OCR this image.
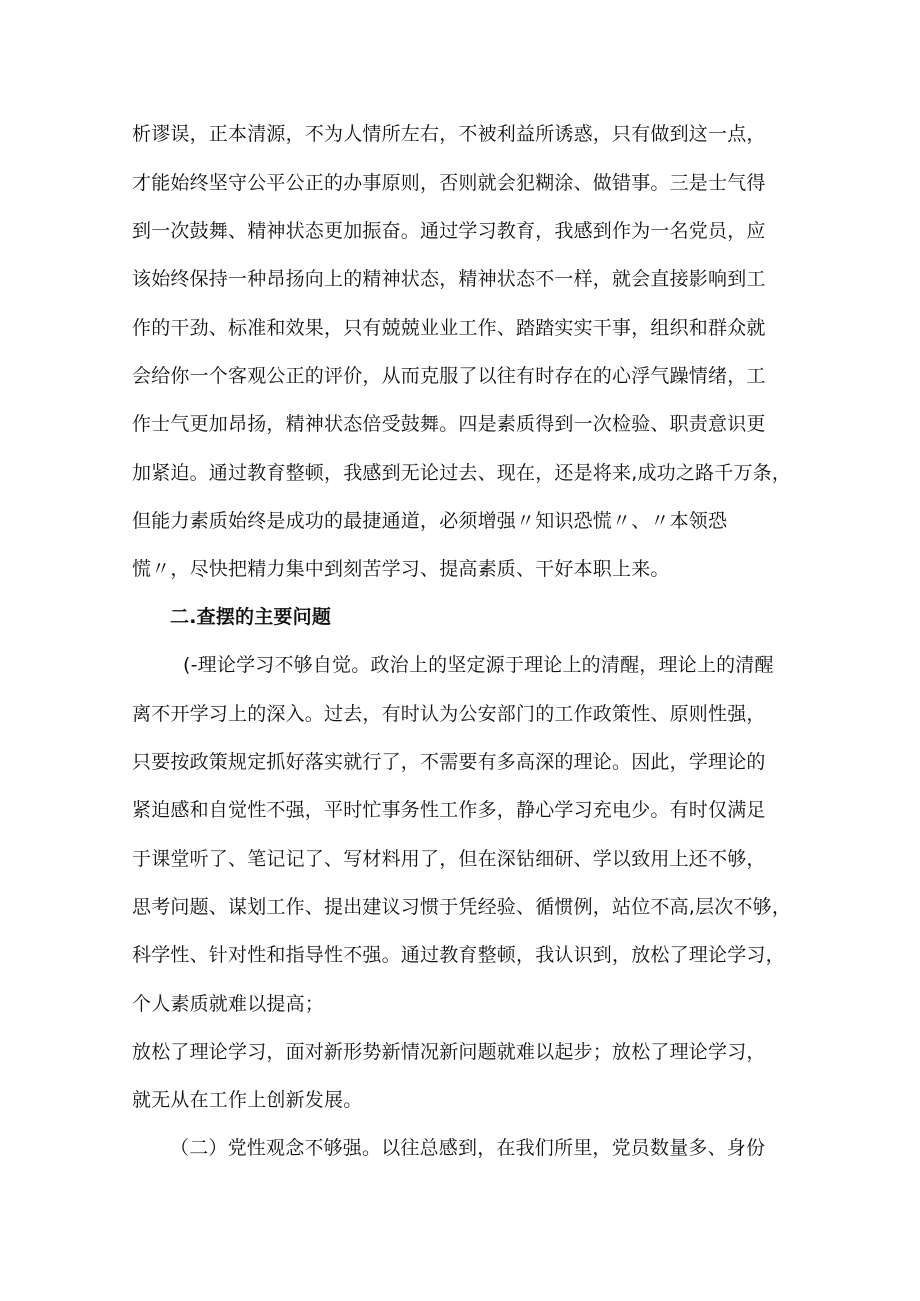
析谬误，正本清源，不为人情所左右，不被利益所诱惑，只有做到这一点，
才能始终坚守公平公正的办事原则，否则就会犯糊涂、做错事。三是士气得
到一次鼓舞、精神状态更加振奋。通过学习教育，我感到作为一名党员，应
该始终保持一种昂扬向上的精神状态，精神状态不一样，就会直接影响到工
作的干劲、标准和效果，只有兢兢业业工作、踏踏实实干事，组织和群众就
会给你一个客观公正的评价，从而克服了以往有时存在的心浮气躁情绪，工
作士气更加昂扬，精神状态倍受鼓舞。四是素质得到一次检验、职责意识更
加紧迫。通过教育整顿，我感到无论过去、现在，还是将来,成功之路千万条，
但能力素质始终是成功的最捷通道，必须增强〃知识恐慌〃、〃本领恐
慌〃，尽快把精力集中到刻苦学习、提高素质、干好本职上来。
二.查摆的主要问题
(-理论学习不够自觉。政治上的坚定源于理论上的清醒，理论上的清醒
离不开学习上的深入。过去，有时认为公安部门的工作政策性、原则性强，
只要按政策规定抓好落实就行了，不需要有多高深的理论。因此，学理论的
紧迫感和自觉性不强，平时忙事务性工作多，静心学习充电少。有时仅满足
于课堂听了、笔记记了、写材料用了，但在深钻细研、学以致用上还不够，
思考问题、谋划工作、提出建议习惯于凭经验、循惯例，站位不高,层次不够，
科学性、针对性和指导性不强。通过教育整顿，我认识到，放松了理论学习，
个人素质就难以提高；
放松了理论学习，面对新形势新情况新问题就难以起步；放松了理论学习，
就无从在工作上创新发展。
（二）党性观念不够强。以往总感到，在我们所里，党员数量多、身份
